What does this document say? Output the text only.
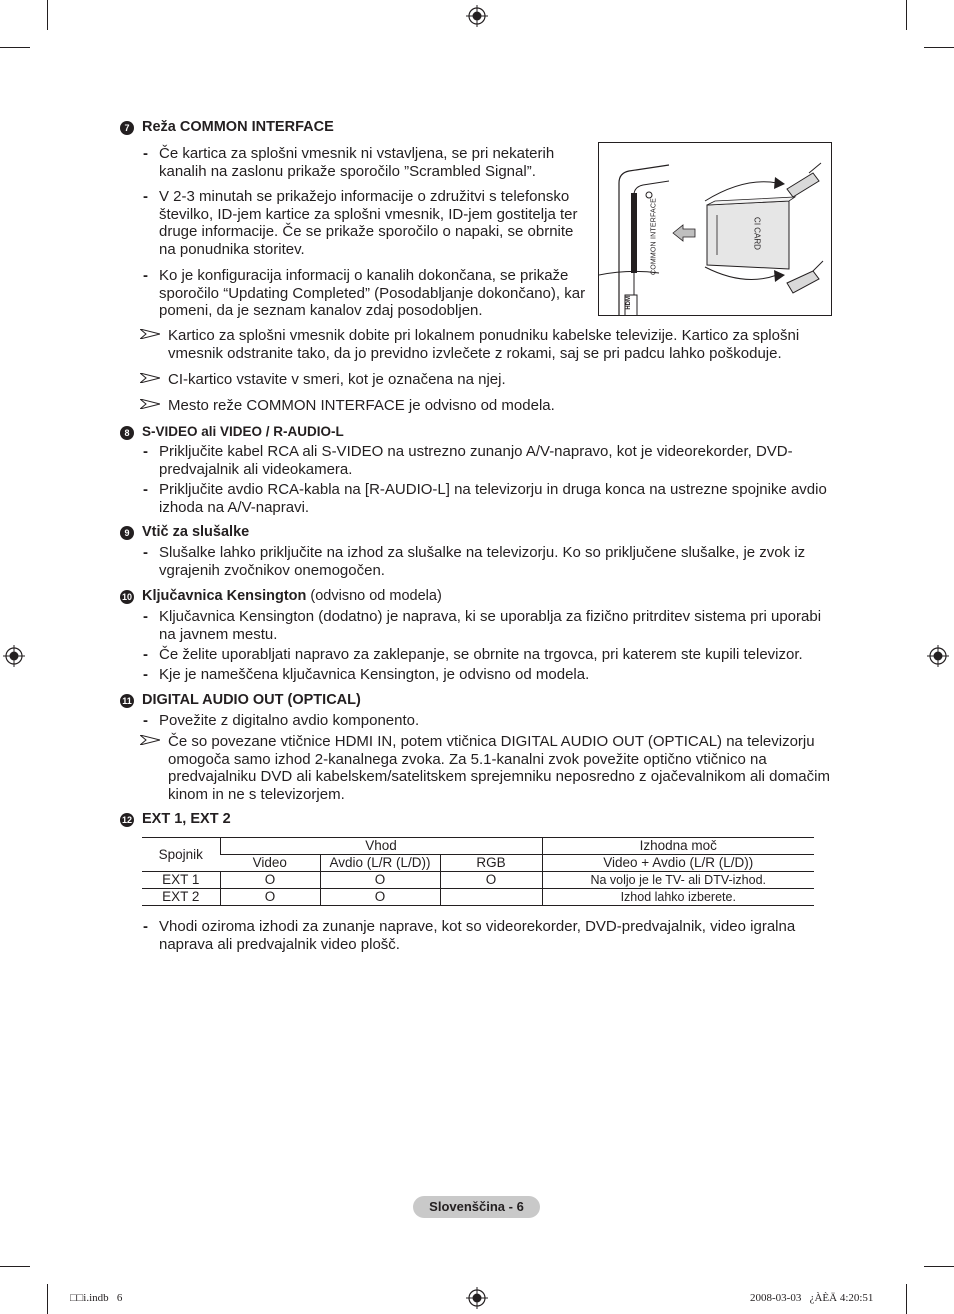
7 Reža COMMON INTERFACE
- Če kartica za splošni vmesnik ni vstavljena, se pri nekaterih kanalih na zaslonu prikaže sporočilo ”Scrambled Signal”.
- V 2-3 minutah se prikažejo informacije o združitvi s telefonsko številko, ID-jem kartice za splošni vmesnik, ID-jem gostitelja ter druge informacije. Če se prikaže sporočilo o napaki, se obrnite na ponudnika storitev.
- Ko je konfiguracija informacij o kanalih dokončana, se prikaže sporočilo “Updating Completed” (Posodabljanje dokončano), kar pomeni, da je seznam kanalov zdaj posodobljen.
COMMON INTERFACE	CI CARD
HDMI
Kartico za splošni vmesnik dobite pri lokalnem ponudniku kabelske televizije. Kartico za splošni vmesnik odstranite tako, da jo previdno izvlečete z rokami, saj se pri padcu lahko poškoduje.
CI-kartico vstavite v smeri, kot je označena na njej.
Mesto reže COMMON INTERFACE je odvisno od modela.
8 S-VIDEO ali VIDEO / R-AUDIO-L
- Priključite kabel RCA ali S-VIDEO na ustrezno zunanjo A/V-napravo, kot je videorekorder, DVD-predvajalnik ali videokamera.
- Priključite avdio RCA-kabla na [R-AUDIO-L] na televizorju in druga konca na ustrezne spojnike avdio izhoda na A/V-napravi.
9 Vtič za slušalke
- Slušalke lahko priključite na izhod za slušalke na televizorju. Ko so priključene slušalke, je zvok iz vgrajenih zvočnikov onemogočen.
10 Ključavnica Kensington (odvisno od modela)
- Ključavnica Kensington (dodatno) je naprava, ki se uporablja za fizično pritrditev sistema pri uporabi na javnem mestu.
- Če želite uporabljati napravo za zaklepanje, se obrnite na trgovca, pri katerem ste kupili televizor.
- Kje je nameščena ključavnica Kensington, je odvisno od modela.
11 DIGITAL AUDIO OUT (OPTICAL)
- Povežite z digitalno avdio komponento.
Če so povezane vtičnice HDMI IN, potem vtičnica DIGITAL AUDIO OUT (OPTICAL) na televizorju omogoča samo izhod 2-kanalnega zvoka. Za 5.1-kanalni zvok povežite optično vtičnico na predvajalniku DVD ali kabelskem/satelitskem sprejemniku neposredno z ojačevalnikom ali domačim kinom in ne s televizorjem.
12 EXT 1, EXT 2
Spojnik	Vhod			Izhodna moč
	Video	Avdio (L/R (L/D))	RGB	Video + Avdio (L/R (L/D))
EXT 1	O	O	O	Na voljo je le TV- ali DTV-izhod.
EXT 2	O	O		Izhod lahko izberete.
- Vhodi oziroma izhodi za zunanje naprave, kot so videorekorder, DVD-predvajalnik, video igralna naprava ali predvajalnik video plošč.
Slovenščina - 6
□□i.indb   6	2008-03-03   ¿ÀÈÄ 4:20:51
